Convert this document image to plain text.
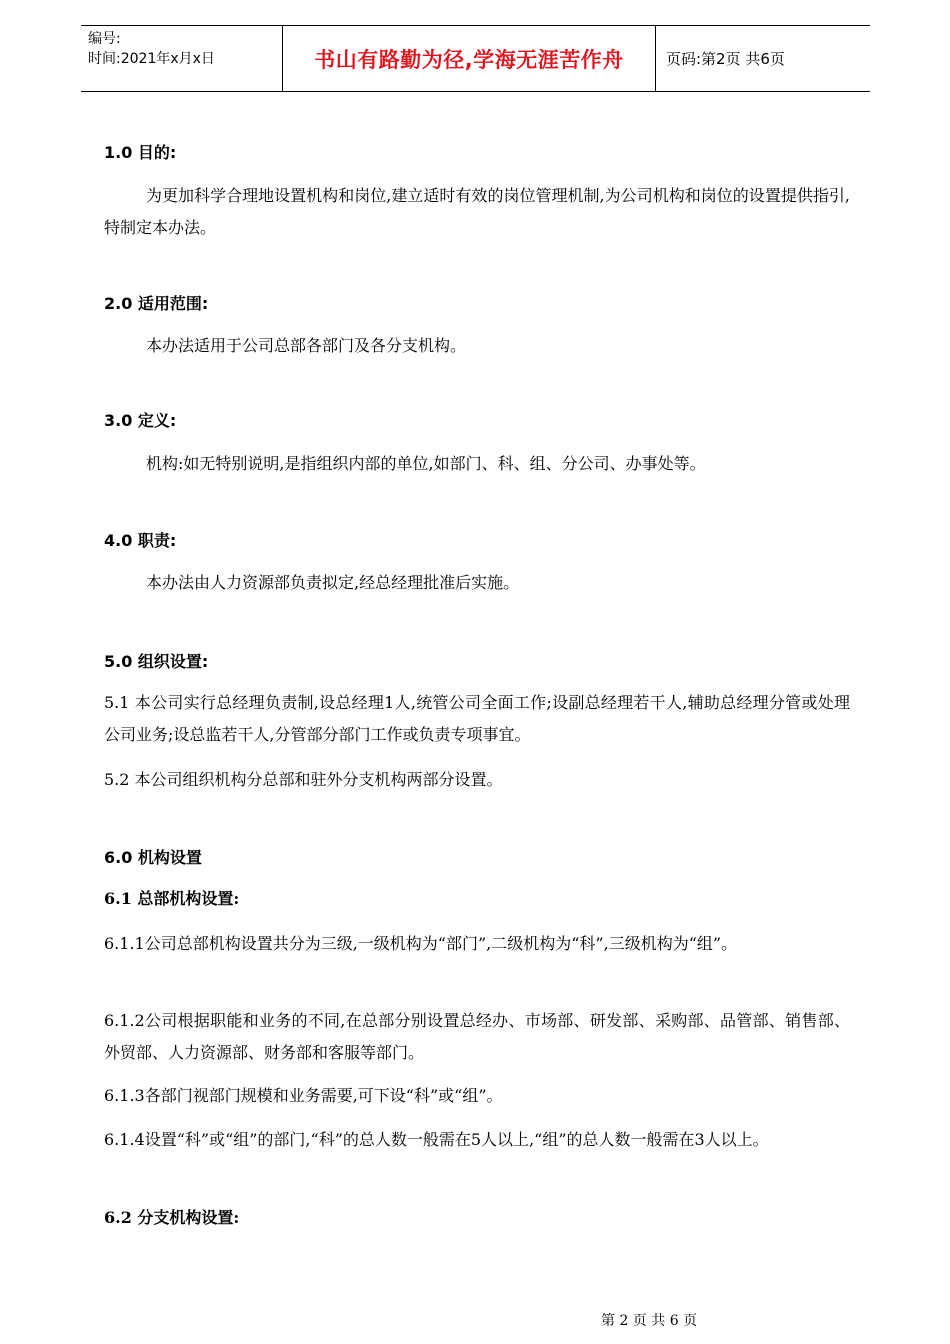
编号:
时间:2021年x月x日	书山有路勤为径,学海无涯苦作舟	页码:第2页 共6页
1.0 目的:
为更加科学合理地设置机构和岗位,建立适时有效的岗位管理机制,为公司机构和岗位的设置提供指引,特制定本办法。
2.0 适用范围:
本办法适用于公司总部各部门及各分支机构。
3.0 定义:
机构:如无特别说明,是指组织内部的单位,如部门、科、组、分公司、办事处等。
4.0 职责:
本办法由人力资源部负责拟定,经总经理批准后实施。
5.0 组织设置:
5.1 本公司实行总经理负责制,设总经理1人,统管公司全面工作;设副总经理若干人,辅助总经理分管或处理公司业务;设总监若干人,分管部分部门工作或负责专项事宜。
5.2 本公司组织机构分总部和驻外分支机构两部分设置。
6.0 机构设置
6.1 总部机构设置:
6.1.1公司总部机构设置共分为三级,一级机构为“部门”,二级机构为“科”,三级机构为“组”。
6.1.2公司根据职能和业务的不同,在总部分别设置总经办、市场部、研发部、采购部、品管部、销售部、外贸部、人力资源部、财务部和客服等部门。
6.1.3各部门视部门规模和业务需要,可下设“科”或“组”。
6.1.4设置“科”或“组”的部门,“科”的总人数一般需在5人以上,“组”的总人数一般需在3人以上。
6.2 分支机构设置:
第 2 页 共 6 页
